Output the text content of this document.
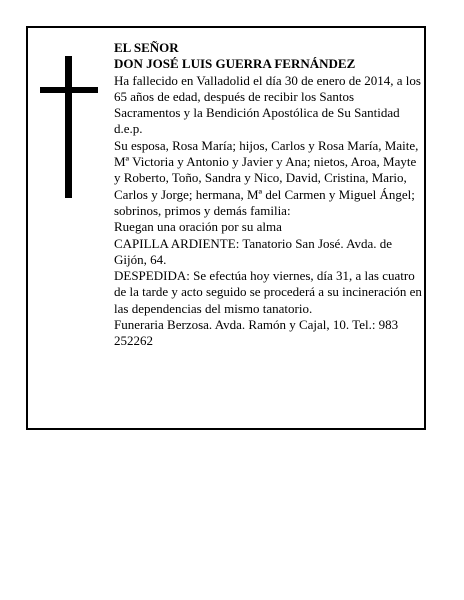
EL SEÑOR

DON JOSÉ LUIS GUERRA FERNÁNDEZ

Ha fallecido en Valladolid el día 30 de enero de 2014, a los 65 años de edad, después de recibir los Santos Sacramentos y la Bendición Apostólica de Su Santidad d.e.p.

Su esposa, Rosa María; hijos, Carlos y Rosa María, Maite, Mª Victoria y Antonio y Javier y Ana; nietos, Aroa, Mayte y Roberto, Toño, Sandra y Nico, David, Cristina, Mario, Carlos y Jorge; hermana, Mª del Carmen y Miguel Ángel; sobrinos, primos y demás familia:

Ruegan una oración por su alma

CAPILLA ARDIENTE: Tanatorio San José. Avda. de Gijón, 64.

DESPEDIDA: Se efectúa hoy viernes, día 31, a las cuatro de la tarde y acto seguido se procederá a su incineración en las dependencias del mismo tanatorio.

Funeraria Berzosa. Avda. Ramón y Cajal, 10. Tel.: 983 252262
